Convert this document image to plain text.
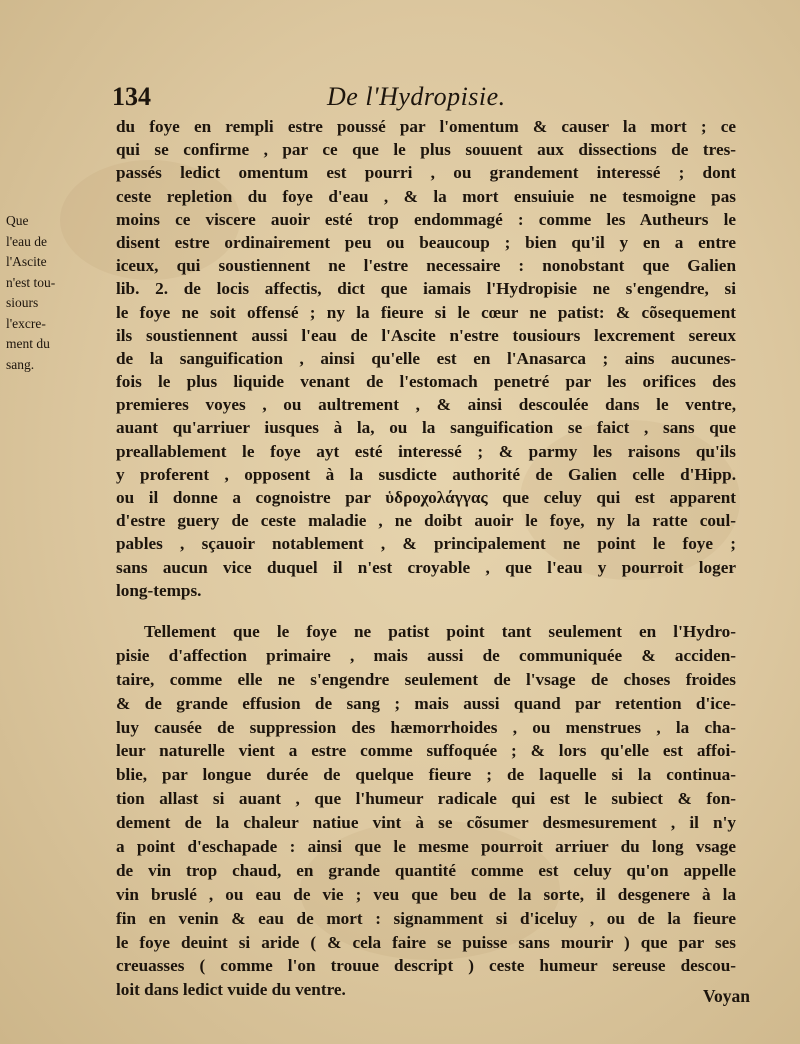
134	De l'Hydropisie.
Que
l'eau de
l'Ascite
n'est tou-
siours
l'excre-
ment du
sang.
du foye en rempli estre poussé par l'omentum & causer la mort ; ce
qui se confirme , par ce que le plus souuent aux dissections de tres-
passés ledict omentum est pourri , ou grandement interessé ; dont
ceste repletion du foye d'eau , & la mort ensuiuie ne tesmoigne pas
moins ce viscere auoir esté trop endommagé : comme les Autheurs le
disent estre ordinairement peu ou beaucoup ; bien qu'il y en a entre
iceux, qui soustiennent ne l'estre necessaire : nonobstant que Galien
lib. 2. de locis affectis, dict que iamais l'Hydropisie ne s'engendre, si
le foye ne soit offensé ; ny la fieure si le cœur ne patist: & cõsequement
ils soustiennent aussi l'eau de l'Ascite n'estre tousiours lexcrement sereux
de la sanguification , ainsi qu'elle est en l'Anasarca ; ains aucunes-
fois le plus liquide venant de l'estomach penetré par les orifices des
premieres voyes , ou aultrement , & ainsi descoulée dans le ventre,
auant qu'arriuer iusques à la, ou la sanguification se faict , sans que
preallablement le foye ayt esté interessé ; & parmy les raisons qu'ils
y proferent , opposent à la susdicte authorité de Galien celle d'Hipp.
ou il donne a cognoistre par ὑδροχολάγγας que celuy qui est apparent
d'estre guery de ceste maladie , ne doibt auoir le foye, ny la ratte coul-
pables , sçauoir notablement , & principalement ne point le foye ;
sans aucun vice duquel il n'est croyable , que l'eau y pourroit loger
long-temps.
Tellement que le foye ne patist point tant seulement en l'Hydro-
pisie d'affection primaire , mais aussi de communiquée & acciden-
taire, comme elle ne s'engendre seulement de l'vsage de choses froides
& de grande effusion de sang ; mais aussi quand par retention d'ice-
luy causée de suppression des hæmorrhoides , ou menstrues , la cha-
leur naturelle vient a estre comme suffoquée ; & lors qu'elle est affoi-
blie, par longue durée de quelque fieure ; de laquelle si la continua-
tion allast si auant , que l'humeur radicale qui est le subiect & fon-
dement de la chaleur natiue vint à se cõsumer desmesurement , il n'y
a point d'eschapade : ainsi que le mesme pourroit arriuer du long vsage
de vin trop chaud, en grande quantité comme est celuy qu'on appelle
vin bruslé , ou eau de vie ; veu que beu de la sorte, il desgenere à la
fin en venin & eau de mort : signamment si d'iceluy , ou de la fieure
le foye deuint si aride ( & cela faire se puisse sans mourir ) que par ses
creuasses ( comme l'on trouue descript ) ceste humeur sereuse descou-
loit dans ledict vuide du ventre.	Voyan
